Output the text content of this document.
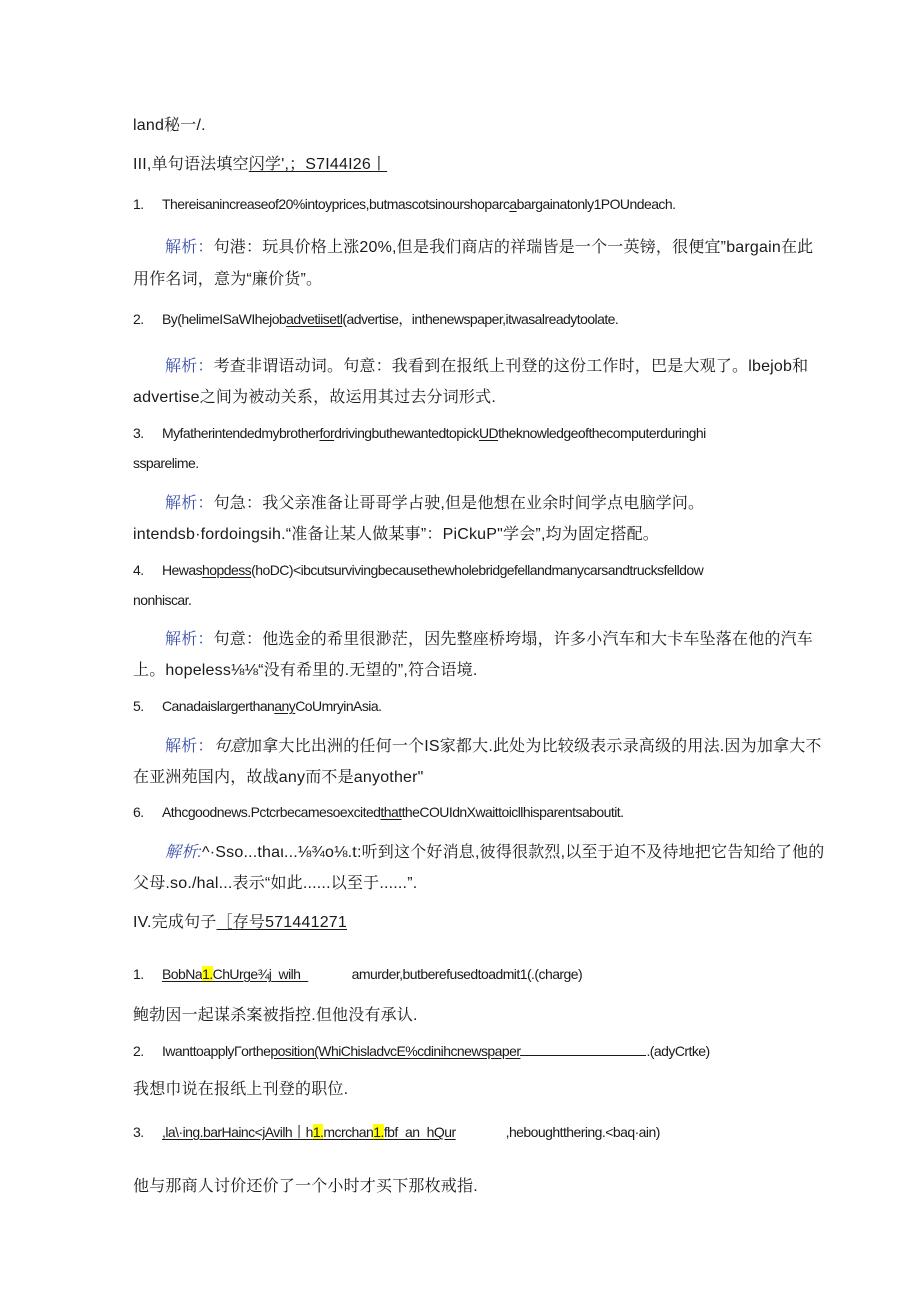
land秘一/.
III,单句语法填空闪学',；S7I44I26丨
1. Thereisanincreaseof20%intoyprices,butmascotsinourshoparcabargainatonly1POUndeach.
解析：句港：玩具价格上涨20%,但是我们商店的祥瑞皆是一个一英镑，很便宜”bargain在此
用作名词，意为“廉价货”。
2. By(helimeISaWIhejobadvetiisetl(advertise，inthenewspaper,itwasalreadytoolate.
解析：考查非谓语动词。句意：我看到在报纸上刊登的这份工作时，巴是大观了。lbejob和
advertise之间为被动关系，故运用其过去分词形式.
3. MyfatherintendedmybrotherfordrivingbuthewantedtopickUDtheknowledgeofthecomputerduringhi
ssparelime.
解析：句急：我父亲准备让哥哥学占驶,但是他想在业余时间学点电脑学问。
intendsb·fordoingsih.“准备让某人做某事”：PiCkuP"学会”,均为固定搭配。
4. Hewashopdess(hoDC)<ibcutsurvivingbecausethewholebridgefellandmanycarsandtrucksfelldow
nonhiscar.
解析：句意：他选金的希里很渺茫，因先整座桥垮塌，许多小汽车和大卡车坠落在他的汽车
上。hopeless⅛⅛“没有希里的.无望的”,符合语境.
5. CanadaislargerthananyCoUmryinAsia.
解析：句意加拿大比出洲的任何一个IS家都大.此处为比较级表示录高级的用法.因为加拿大不
在亚洲苑国内，故战any而不是anyother"
6. Athcgoodnews.PctcrbecamesoexcitedthattheCOUIdnXwaittoicllhisparentsaboutit.
解析:^·Sso...thaι...⅛¾o⅛.t:听到这个好消息,彼得很款烈,以至于迫不及待地把它告知给了他的
父母.so./hal...表示“如此......以至于......”.
IV.完成句子［存号571441271
1. BobNa1.ChUrge¾j_wilh_	amurder,butberefusedtoadmit1(.(charge)
鲍勃因一起谋杀案被指控.但他没有承认.
2. IwanttoapplyΓortheposition(WhiChisladvcE%cdinihcnewspaper	.(adyCrtke)
我想巾说在报纸上刊登的职位.
3. ,la\·ing.barHainc<jAvilh丨h1.mcrchan1.fbf_an_hQur	,heboughtthering.<baq·ain)
他与那商人讨价还价了一个小时才买下那枚戒指.
